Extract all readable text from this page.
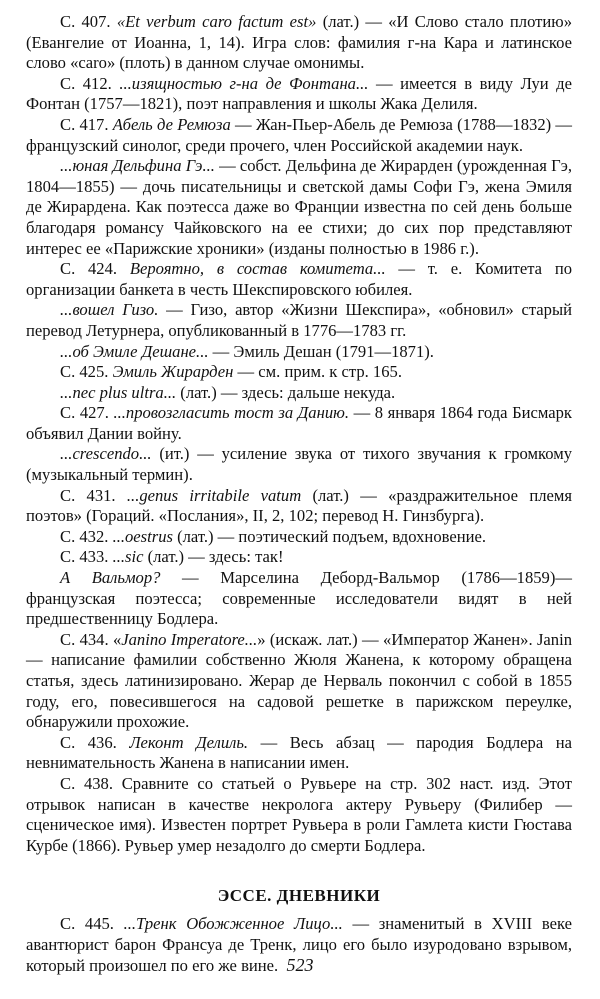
С. 407. «Et verbum caro factum est» (лат.) — «И Слово стало плотию» (Евангелие от Иоанна, 1, 14). Игра слов: фамилия г-на Кара и латинское слово «caro» (плоть) в данном случае омонимы.

С. 412. ...изящностью г-на де Фонтана... — имеется в виду Луи де Фонтан (1757—1821), поэт направления и школы Жака Делиля.

С. 417. Абель де Ремюза — Жан-Пьер-Абель де Ремюза (1788—1832) — французский синолог, среди прочего, член Российской академии наук.

...юная Дельфина Гэ... — собст. Дельфина де Жирарден (урожденная Гэ, 1804—1855) — дочь писательницы и светской дамы Софи Гэ, жена Эмиля де Жирардена. Как поэтесса даже во Франции известна по сей день больше благодаря романсу Чайковского на ее стихи; до сих пор представляют интерес ее «Парижские хроники» (изданы полностью в 1986 г.).

С. 424. Вероятно, в состав комитета... — т. е. Комитета по организации банкета в честь Шекспировского юбилея.

...вошел Гизо. — Гизо, автор «Жизни Шекспира», «обновил» старый перевод Летурнера, опубликованный в 1776—1783 гг.

...об Эмиле Дешане... — Эмиль Дешан (1791—1871).

С. 425. Эмиль Жирарден — см. прим. к стр. 165.

...nec plus ultra... (лат.) — здесь: дальше некуда.

С. 427. ...провозгласить тост за Данию. — 8 января 1864 года Бисмарк объявил Дании войну.

...crescendo... (ит.) — усиление звука от тихого звучания к громкому (музыкальный термин).

С. 431. ...genus irritabile vatum (лат.) — «раздражительное племя поэтов» (Гораций. «Послания», II, 2, 102; перевод Н. Гинзбурга).

С. 432. ...oestrus (лат.) — поэтический подъем, вдохновение.

С. 433. ...sic (лат.) — здесь: так!

А Вальмор? — Марселина Деборд-Вальмор (1786—1859)— французская поэтесса; современные исследователи видят в ней предшественницу Бодлера.

С. 434. «Janino Imperatore...» (искаж. лат.) — «Император Жанен». Janin — написание фамилии собственно Жюля Жанена, к которому обращена статья, здесь латинизировано. Жерар де Нерваль покончил с собой в 1855 году, его, повесившегося на садовой решетке в парижском переулке, обнаружили прохожие.

С. 436. Леконт Делиль. — Весь абзац — пародия Бодлера на невнимательность Жанена в написании имен.

С. 438. Сравните со статьей о Рувьере на стр. 302 наст. изд. Этот отрывок написан в качестве некролога актеру Рувьеру (Филибер — сценическое имя). Известен портрет Рувьера в роли Гамлета кисти Гюстава Курбе (1866). Рувьер умер незадолго до смерти Бодлера.

ЭССЕ. ДНЕВНИКИ

С. 445. ...Тренк Обожженное Лицо... — знаменитый в XVIII веке авантюрист барон Франсуа де Тренк, лицо его было изуродовано взрывом, который произошел по его же вине. 523
